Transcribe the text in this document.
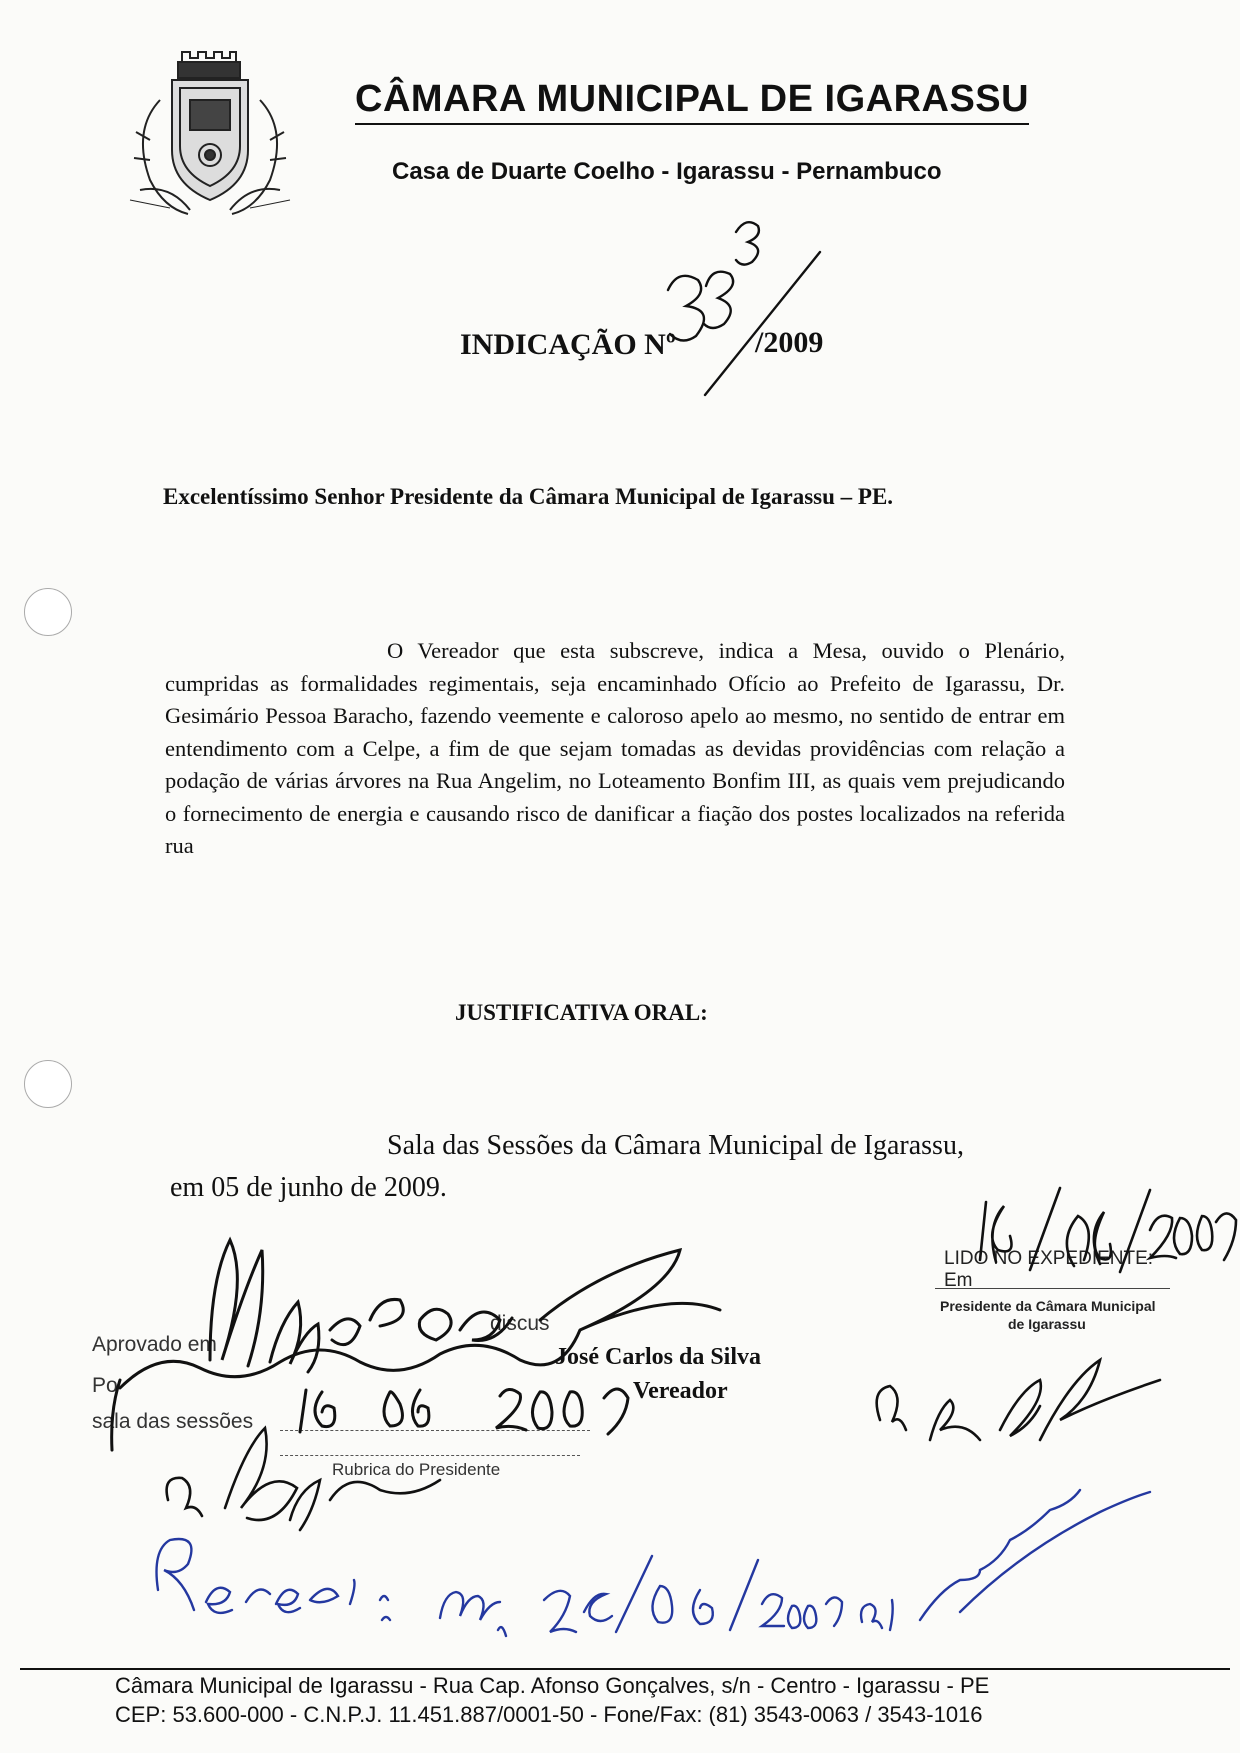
CÂMARA MUNICIPAL DE IGARASSU
Casa de Duarte Coelho - Igarassu - Pernambuco
INDICAÇÃO Nº	/2009
Excelentíssimo Senhor Presidente da Câmara Municipal de Igarassu – PE.
O Vereador que esta subscreve, indica a Mesa, ouvido o Plenário, cumpridas as formalidades regimentais, seja encaminhado Ofício ao Prefeito de Igarassu, Dr. Gesimário Pessoa Baracho, fazendo veemente e caloroso apelo ao mesmo, no sentido de entrar em entendimento com a Celpe, a fim de que sejam tomadas as devidas providências com relação a podação de várias árvores na Rua Angelim, no Loteamento Bonfim III, as quais vem prejudicando o fornecimento de energia e causando risco de danificar a fiação dos postes localizados na referida rua
JUSTIFICATIVA ORAL:
Sala das Sessões da Câmara Municipal de Igarassu,
em 05 de junho de 2009.
José Carlos da Silva
Vereador
Aprovado em
discus
Po
sala das sessões
Rubrica do Presidente
LIDO NO EXPEDIENTE:
Em
Presidente da Câmara Municipal
de Igarassu
Câmara Municipal de Igarassu - Rua Cap. Afonso Gonçalves, s/n - Centro - Igarassu - PE
CEP: 53.600-000 - C.N.P.J. 11.451.887/0001-50 - Fone/Fax: (81) 3543-0063 / 3543-1016
